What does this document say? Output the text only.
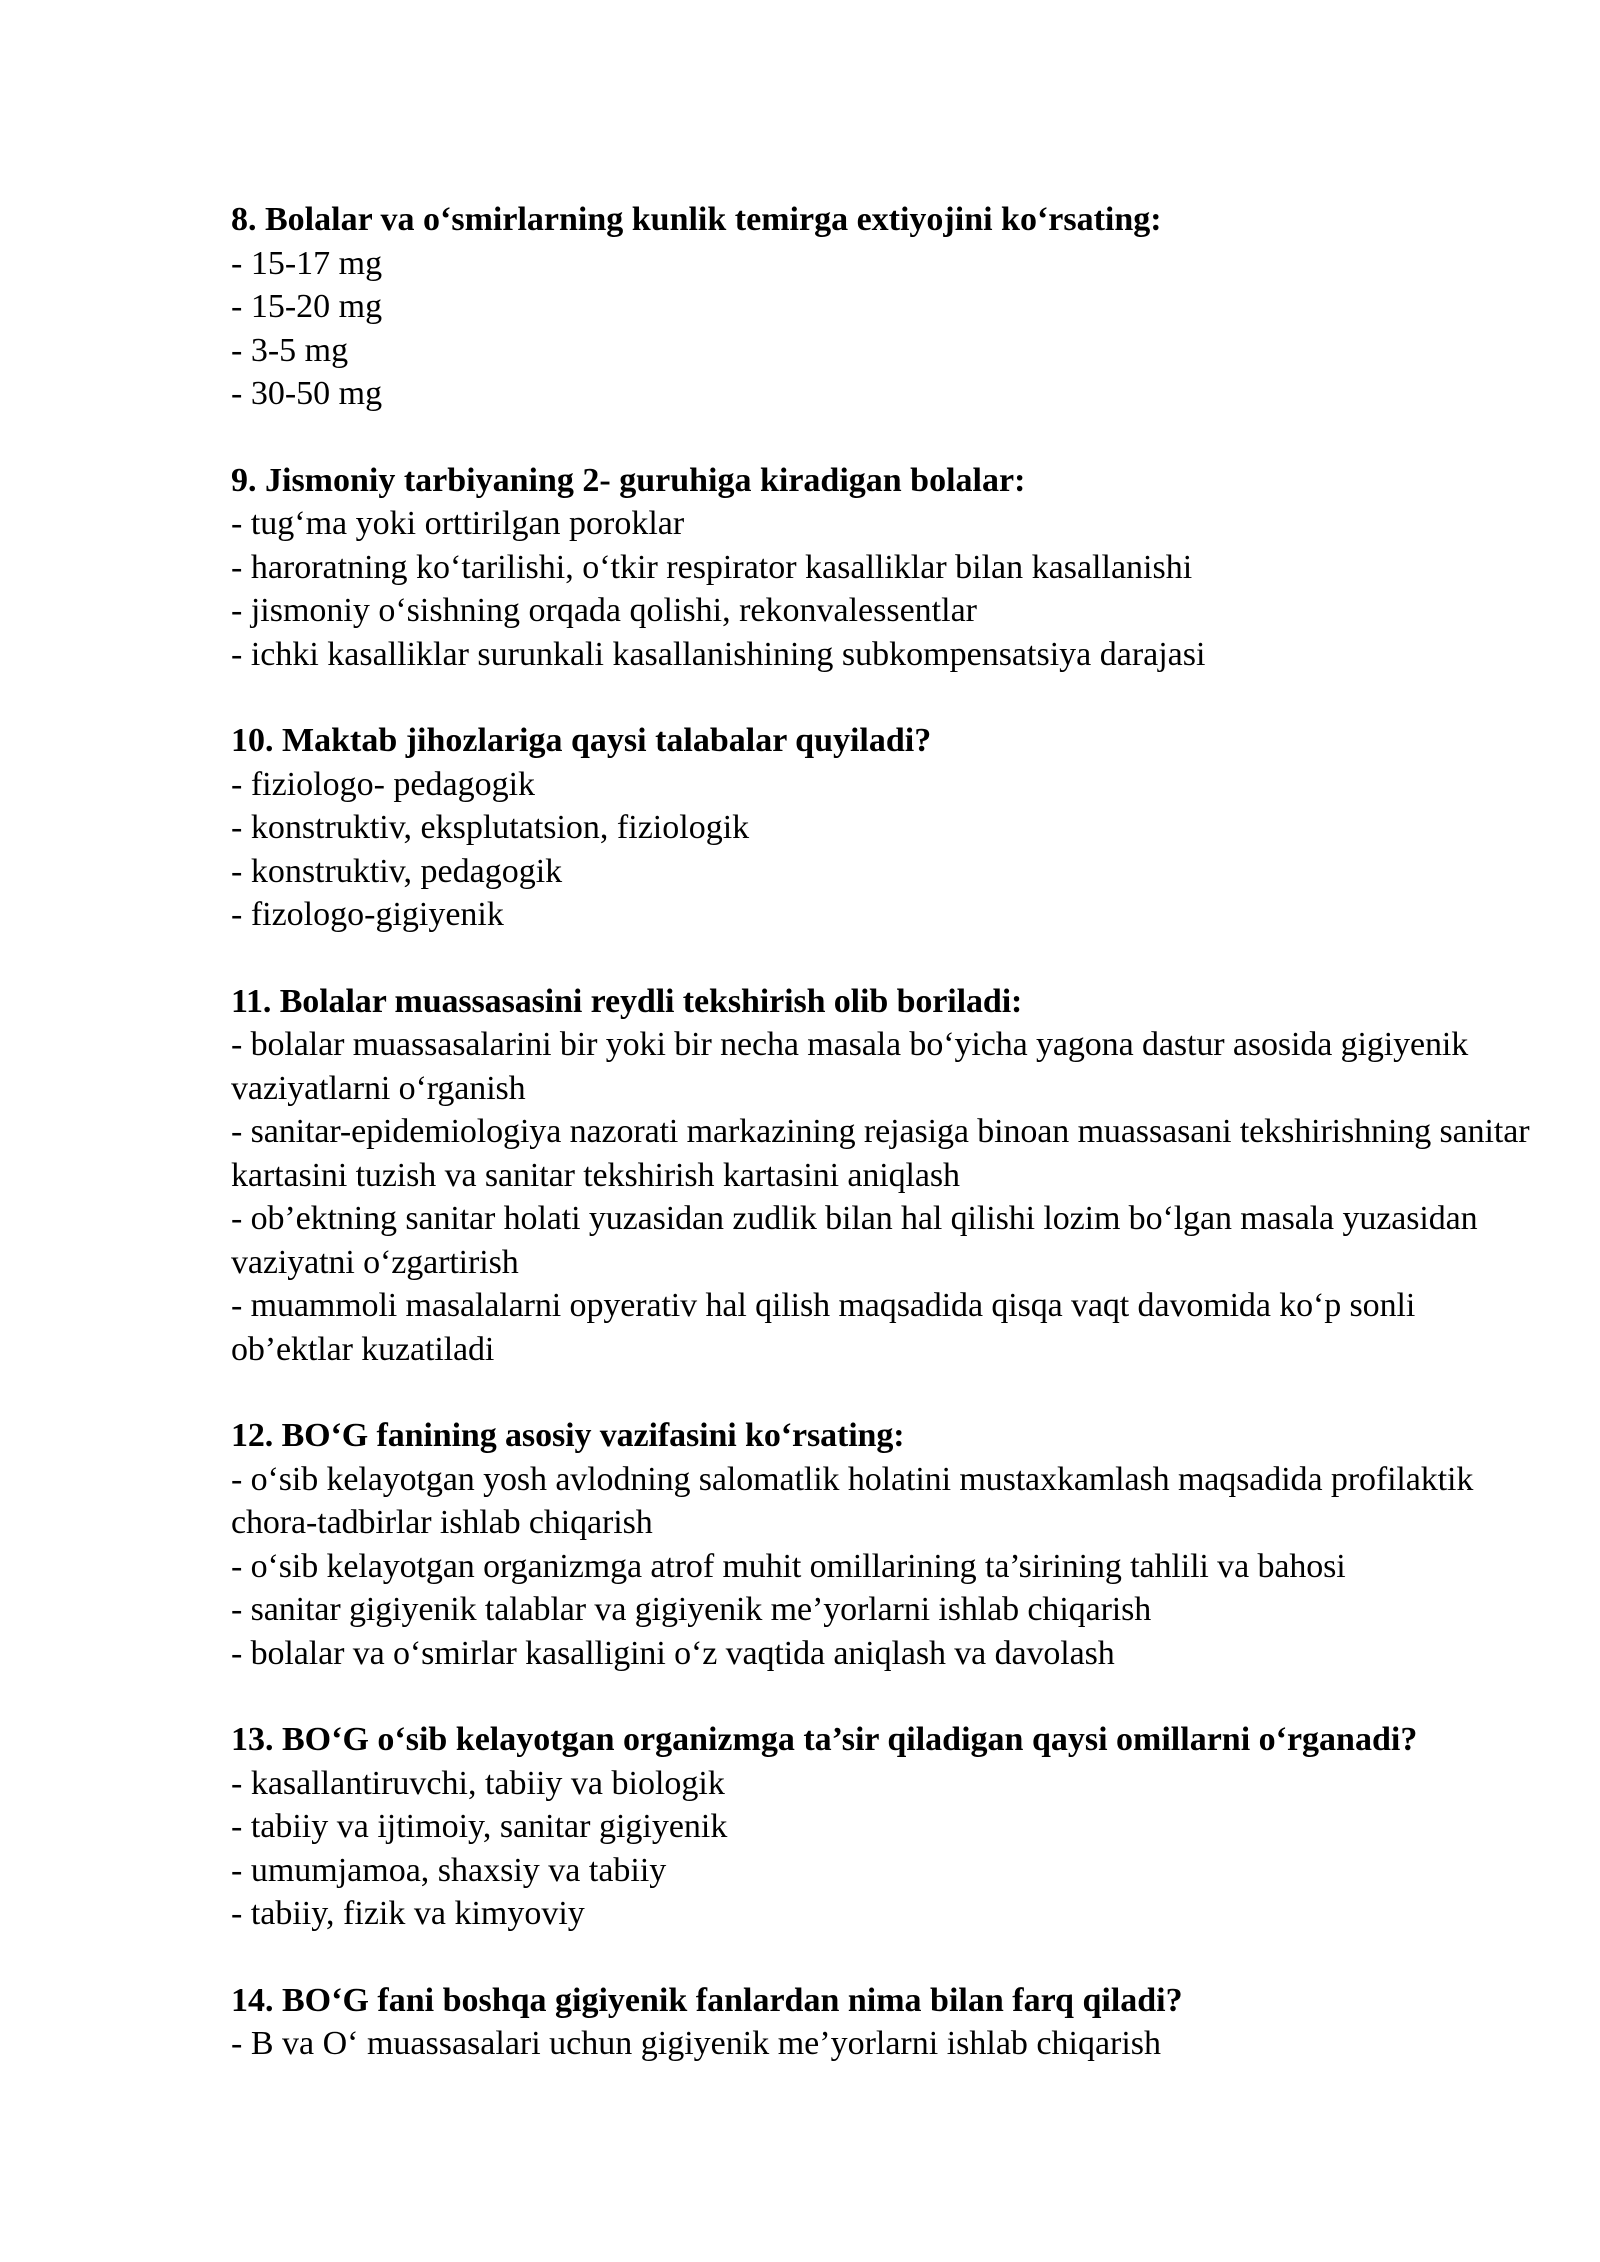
8. Bolalar va o‘smirlarning kunlik temirga extiyojini ko‘rsating:

- 15-17 mg
- 15-20 mg
- 3-5 mg
- 30-50 mg

9. Jismoniy tarbiyaning 2- guruhiga kiradigan bolalar:

- tug‘ma yoki orttirilgan poroklar
- haroratning ko‘tarilishi, o‘tkir respirator kasalliklar bilan kasallanishi
- jismoniy o‘sishning orqada qolishi, rekonvalessentlar
- ichki kasalliklar surunkali kasallanishining subkompensatsiya darajasi

10. Maktab jihozlariga qaysi talabalar quyiladi?

- fiziologo- pedagogik
- konstruktiv, eksplutatsion, fiziologik
- konstruktiv, pedagogik
- fizologo-gigiyenik

11. Bolalar muassasasini reydli tekshirish olib boriladi:

- bolalar muassasalarini bir yoki bir necha masala bo‘yicha yagona dastur asosida gigiyenik vaziyatlarni o‘rganish
- sanitar-epidemiologiya nazorati markazining rejasiga binoan muassasani tekshirishning sanitar kartasini tuzish va sanitar tekshirish kartasini aniqlash
- ob’ektning sanitar holati yuzasidan zudlik bilan hal qilishi lozim bo‘lgan masala yuzasidan vaziyatni o‘zgartirish
- muammoli masalalarni opyerativ hal qilish maqsadida qisqa vaqt davomida ko‘p sonli ob’ektlar kuzatiladi

12. BO‘G fanining asosiy vazifasini ko‘rsating:

- o‘sib kelayotgan yosh avlodning salomatlik holatini mustaxkamlash maqsadida profilaktik chora-tadbirlar ishlab chiqarish
- o‘sib kelayotgan organizmga atrof muhit omillarining ta’sirining tahlili va bahosi
- sanitar gigiyenik talablar va gigiyenik me’yorlarni ishlab chiqarish
- bolalar va o‘smirlar kasalligini o‘z vaqtida aniqlash va davolash

13. BO‘G o‘sib kelayotgan organizmga ta’sir qiladigan qaysi omillarni o‘rganadi?

- kasallantiruvchi, tabiiy va biologik
- tabiiy va ijtimoiy, sanitar gigiyenik
- umumjamoa, shaxsiy va tabiiy
- tabiiy, fizik va kimyoviy

14. BO‘G fani boshqa gigiyenik fanlardan nima bilan farq qiladi?

- B va O‘ muassasalari uchun gigiyenik me’yorlarni ishlab chiqarish
